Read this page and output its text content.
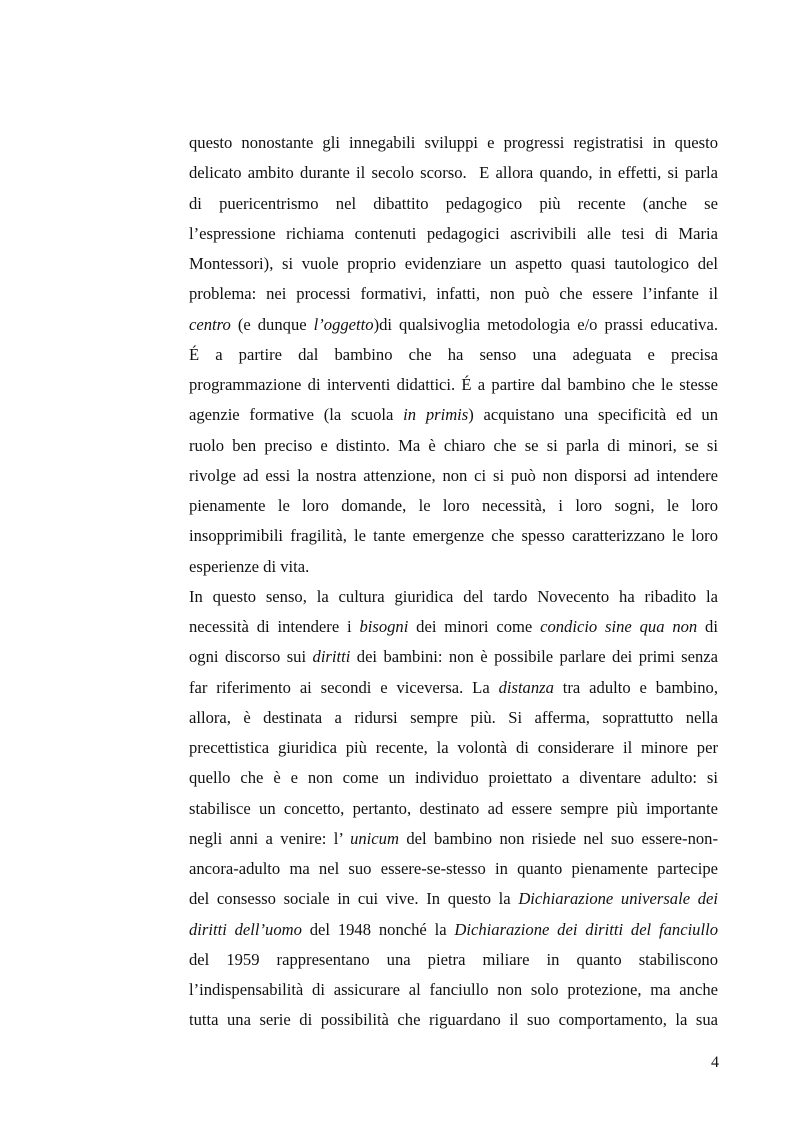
questo nonostante gli innegabili sviluppi e progressi registratisi in questo
delicato ambito durante il secolo scorso.  E allora quando, in effetti, si parla
di puericentrismo nel dibattito pedagogico più recente (anche se
l’espressione richiama contenuti pedagogici ascrivibili alle tesi di Maria
Montessori), si vuole proprio evidenziare un aspetto quasi tautologico del
problema: nei processi formativi, infatti, non può che essere l’infante il
centro (e dunque l’oggetto)di qualsivoglia metodologia e/o prassi educativa.
É a partire dal bambino che ha senso una adeguata e precisa
programmazione di interventi didattici. É a partire dal bambino che le stesse
agenzie formative (la scuola in primis) acquistano una specificità ed un
ruolo ben preciso e distinto. Ma è chiaro che se si parla di minori, se si
rivolge ad essi la nostra attenzione, non ci si può non disporsi ad intendere
pienamente le loro domande, le loro necessità, i loro sogni, le loro
insopprimibili fragilità, le tante emergenze che spesso caratterizzano le loro
esperienze di vita.
In questo senso, la cultura giuridica del tardo Novecento ha ribadito la
necessità di intendere i bisogni dei minori come condicio sine qua non di
ogni discorso sui diritti dei bambini: non è possibile parlare dei primi senza
far riferimento ai secondi e viceversa. La distanza tra adulto e bambino,
allora, è destinata a ridursi sempre più. Si afferma, soprattutto nella
precettistica giuridica più recente, la volontà di considerare il minore per
quello che è e non come un individuo proiettato a diventare adulto: si
stabilisce un concetto, pertanto, destinato ad essere sempre più importante
negli anni a venire: l’ unicum del bambino non risiede nel suo essere-non-
ancora-adulto ma nel suo essere-se-stesso in quanto pienamente partecipe
del consesso sociale in cui vive. In questo la Dichiarazione universale dei
diritti dell’uomo del 1948 nonché la Dichiarazione dei diritti del fanciullo
del 1959 rappresentano una pietra miliare in quanto stabiliscono
l’indispensabilità di assicurare al fanciullo non solo protezione, ma anche
tutta una serie di possibilità che riguardano il suo comportamento, la sua
4
